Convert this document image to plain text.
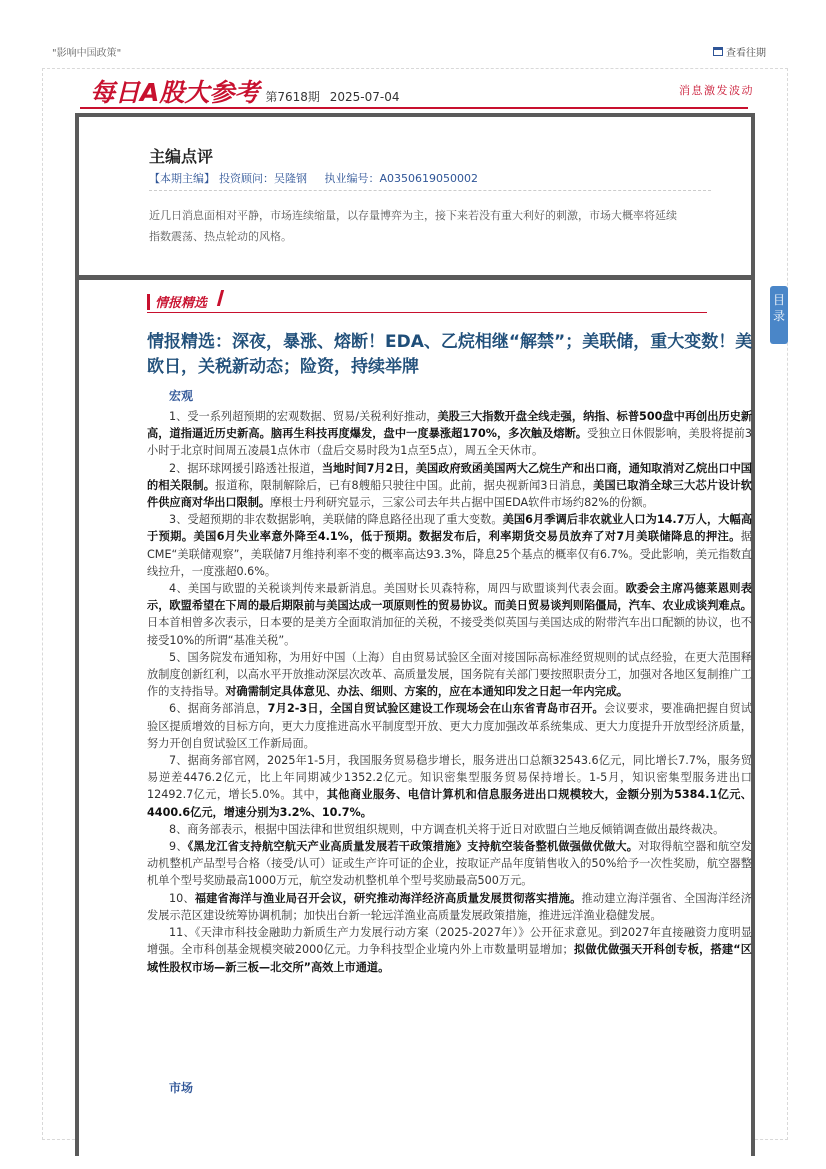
"影响中国政策"	查看往期
每日A股大参考 第7618期 2025-07-04	消息激发波动
主编点评
【本期主编】 投资顾问：吴隆钢 执业编号：A0350619050002
近几日消息面相对平静，市场连续缩量，以存量博弈为主，接下来若没有重大利好的刺激，市场大概率将延续指数震荡、热点轮动的风格。
情报精选
情报精选：深夜，暴涨、熔断！EDA、乙烷相继“解禁”；美联储，重大变数！美欧日，关税新动态；险资，持续举牌
宏观

1、受一系列超预期的宏观数据、贸易/关税利好推动，美股三大指数开盘全线走强，纳指、标普500盘中再创出历史新高，道指逼近历史新高。脑再生科技再度爆发，盘中一度暴涨超170%，多次触及熔断。受独立日休假影响，美股将提前3小时于北京时间周五凌晨1点休市（盘后交易时段为1点至5点），周五全天休市。

2、据环球网援引路透社报道，当地时间7月2日，美国政府致函美国两大乙烷生产和出口商，通知取消对乙烷出口中国的相关限制。报道称，限制解除后，已有8艘船只驶往中国。此前，据央视新闻3日消息，美国已取消全球三大芯片设计软件供应商对华出口限制。摩根士丹利研究显示，三家公司去年共占据中国EDA软件市场约82%的份额。

3、受超预期的非农数据影响，美联储的降息路径出现了重大变数。美国6月季调后非农就业人口为14.7万人，大幅高于预期。美国6月失业率意外降至4.1%，低于预期。数据发布后，利率期货交易员放弃了对7月美联储降息的押注。据CME“美联储观察”，美联储7月维持利率不变的概率高达93.3%，降息25个基点的概率仅有6.7%。受此影响，美元指数直线拉升，一度涨超0.6%。

4、美国与欧盟的关税谈判传来最新消息。美国财长贝森特称，周四与欧盟谈判代表会面。欧委会主席冯德莱恩则表示，欧盟希望在下周的最后期限前与美国达成一项原则性的贸易协议。而美日贸易谈判则陷僵局，汽车、农业成谈判难点。日本首相曾多次表示，日本要的是美方全面取消加征的关税，不接受类似英国与美国达成的附带汽车出口配额的协议，也不接受10%的所谓“基准关税”。

5、国务院发布通知称，为用好中国（上海）自由贸易试验区全面对接国际高标准经贸规则的试点经验，在更大范围释放制度创新红利，以高水平开放推动深层次改革、高质量发展，国务院有关部门要按照职责分工，加强对各地区复制推广工作的支持指导。对确需制定具体意见、办法、细则、方案的，应在本通知印发之日起一年内完成。

6、据商务部消息，7月2-3日，全国自贸试验区建设工作现场会在山东省青岛市召开。会议要求，要准确把握自贸试验区提质增效的目标方向，更大力度推进高水平制度型开放、更大力度加强改革系统集成、更大力度提升开放型经济质量，努力开创自贸试验区工作新局面。

7、据商务部官网，2025年1-5月，我国服务贸易稳步增长，服务进出口总额32543.6亿元，同比增长7.7%，服务贸易逆差4476.2亿元，比上年同期减少1352.2亿元。知识密集型服务贸易保持增长。1-5月，知识密集型服务进出口12492.7亿元，增长5.0%。其中，其他商业服务、电信计算机和信息服务进出口规模较大，金额分别为5384.1亿元、4400.6亿元，增速分别为3.2%、10.7%。

8、商务部表示，根据中国法律和世贸组织规则，中方调查机关将于近日对欧盟白兰地反倾销调查做出最终裁决。

9、《黑龙江省支持航空航天产业高质量发展若干政策措施》支持航空装备整机做强做优做大。对取得航空器和航空发动机整机产品型号合格（接受/认可）证或生产许可证的企业，按取证产品年度销售收入的50%给予一次性奖励，航空器整机单个型号奖励最高1000万元，航空发动机整机单个型号奖励最高500万元。

10、福建省海洋与渔业局召开会议，研究推动海洋经济高质量发展贯彻落实措施。推动建立海洋强省、全国海洋经济发展示范区建设统筹协调机制；加快出台新一轮远洋渔业高质量发展政策措施，推进远洋渔业稳健发展。

11、《天津市科技金融助力新质生产力发展行动方案（2025-2027年）》公开征求意见。到2027年直接融资力度明显增强。全市科创基金规模突破2000亿元。力争科技型企业境内外上市数量明显增加；拟做优做强天开科创专板，搭建“区域性股权市场—新三板—北交所”高效上市通道。

市场
目录
